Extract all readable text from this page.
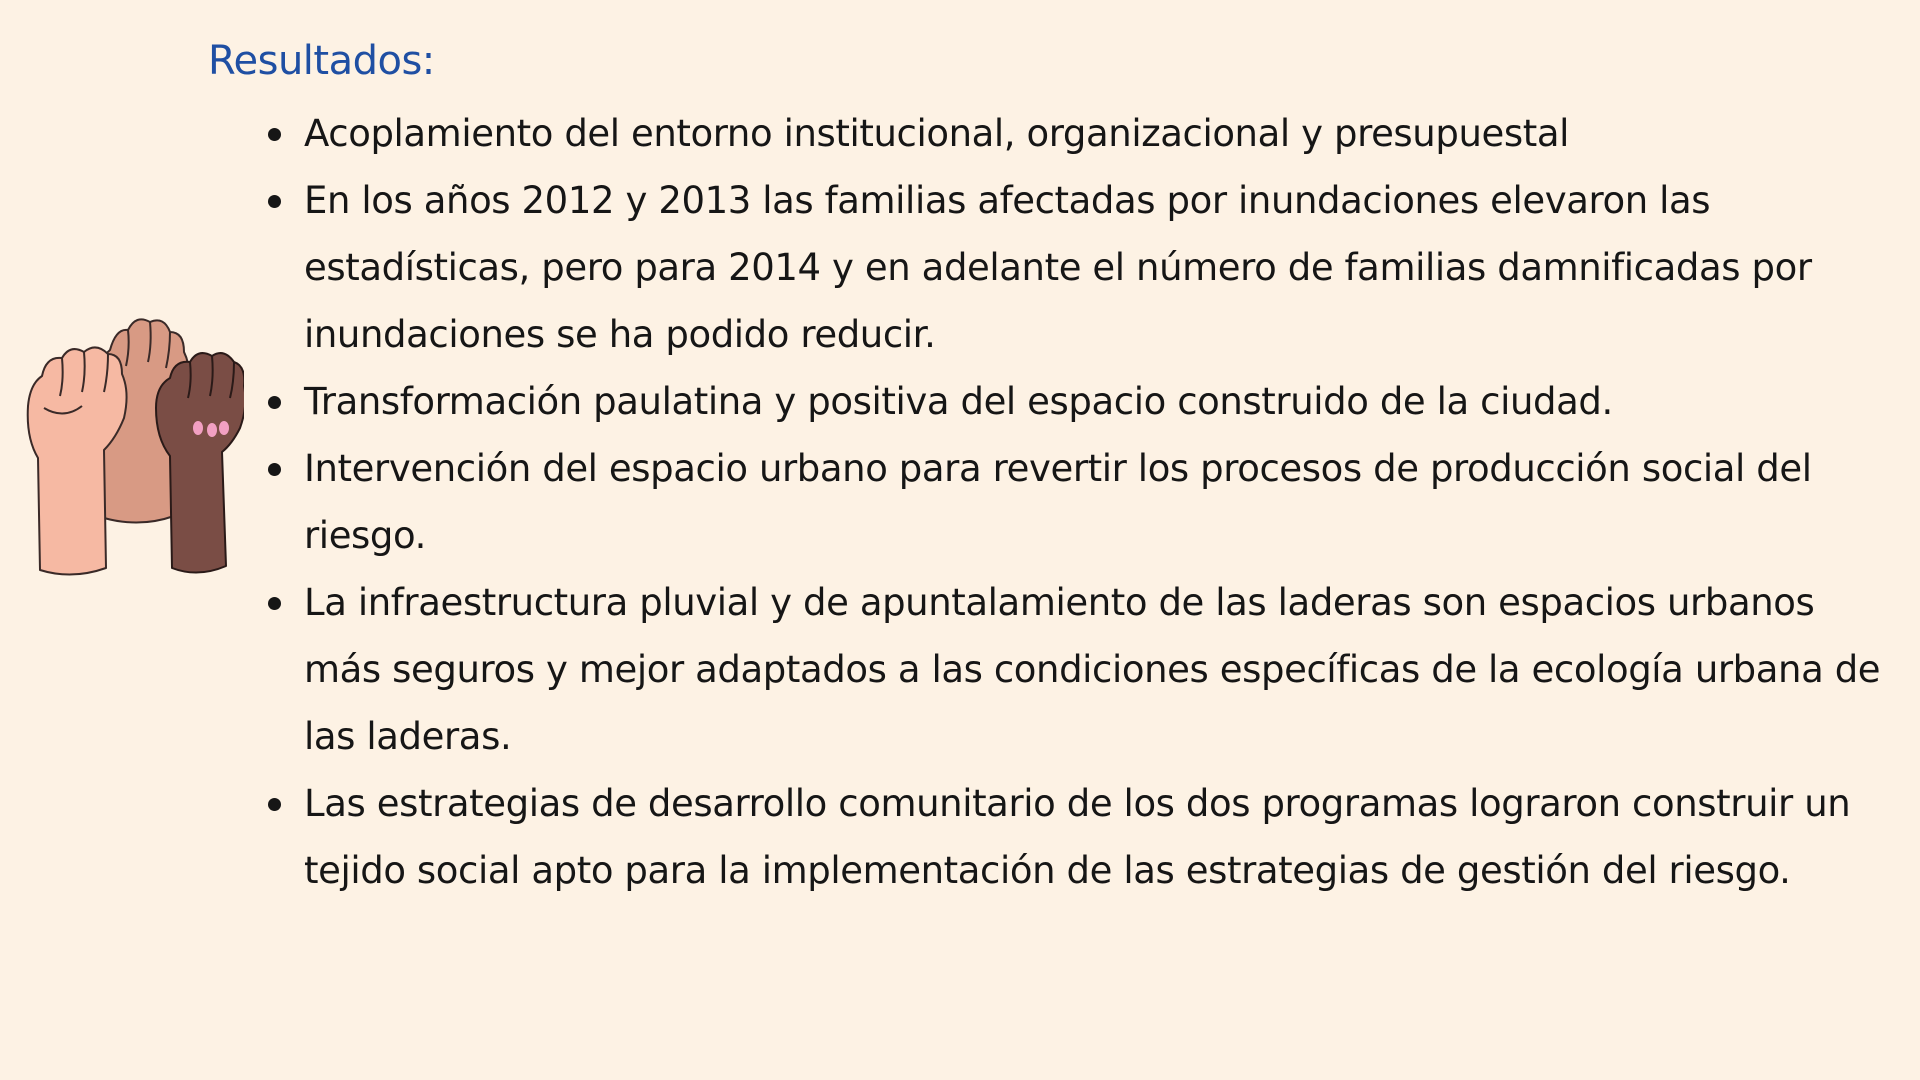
Resultados:
Acoplamiento del entorno institucional, organizacional y presupuestal
En los años 2012 y 2013 las familias afectadas por inundaciones elevaron las estadísticas, pero para 2014 y en adelante el número de familias damnificadas por inundaciones se ha podido reducir.
Transformación paulatina y positiva del espacio construido de la ciudad.
Intervención del espacio urbano para revertir los procesos de producción social del riesgo.
La infraestructura pluvial y de apuntalamiento de las laderas son espacios urbanos más seguros y mejor adaptados a las condiciones específicas de la ecología urbana de las laderas.
Las estrategias de desarrollo comunitario de los dos programas lograron construir un tejido social apto para la implementación de las estrategias de gestión del riesgo.
